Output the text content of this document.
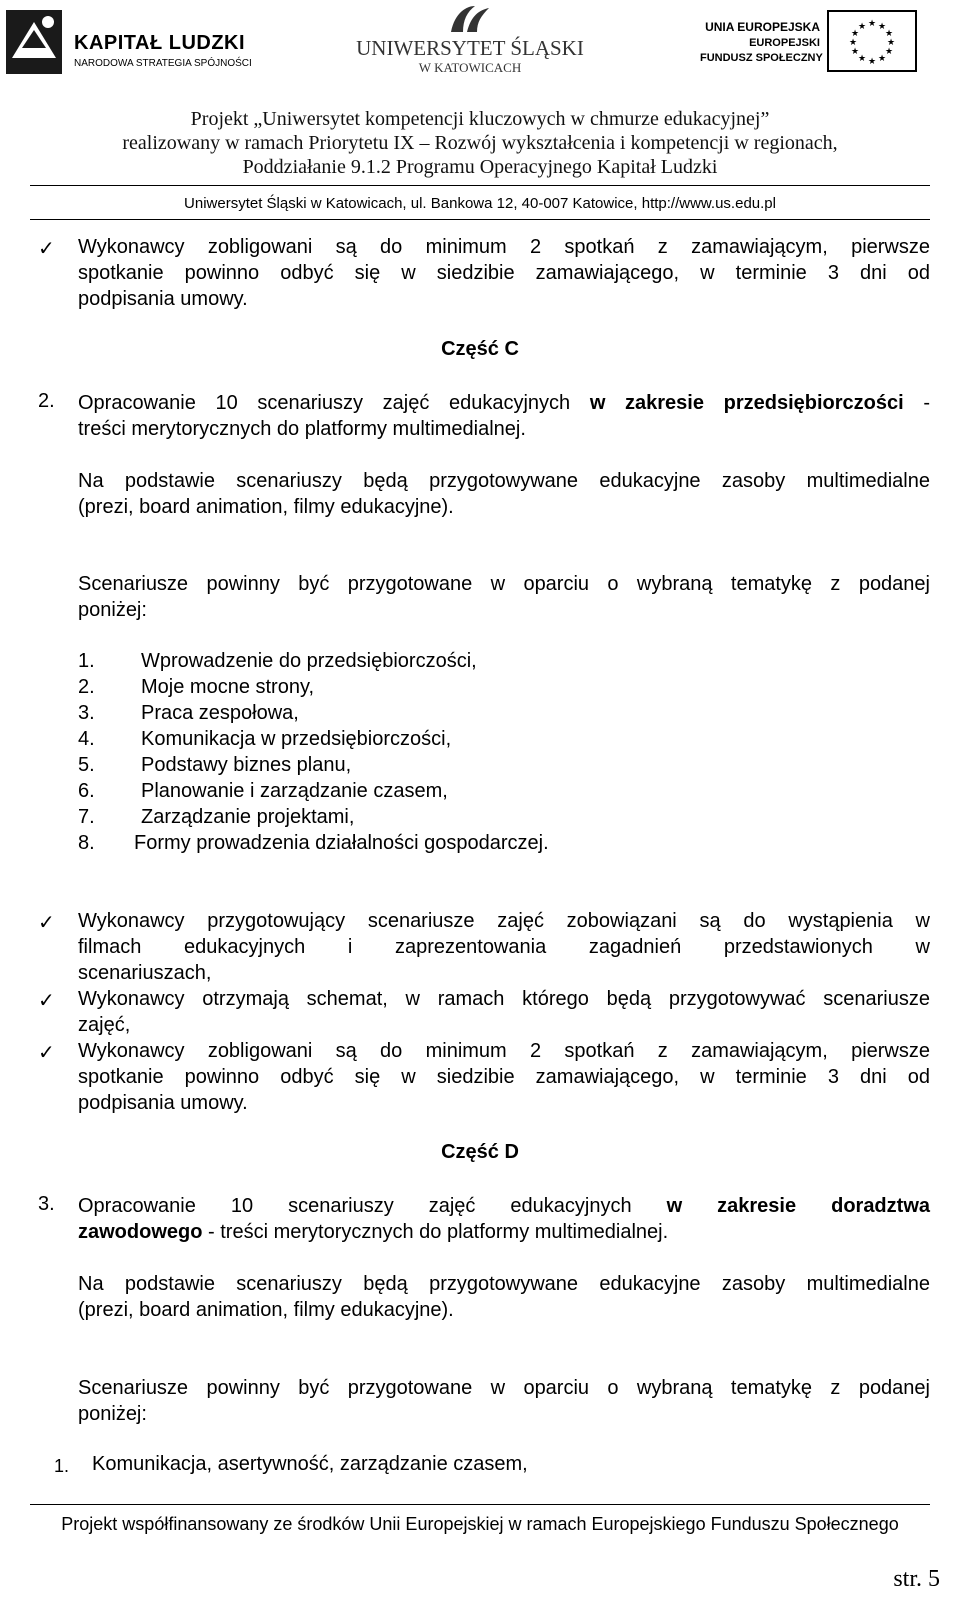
KAPITAŁ LUDZKI
NARODOWA STRATEGIA SPÓJNOŚCI
UNIWERSYTET ŚLĄSKI
W KATOWICACH
UNIA EUROPEJSKA
EUROPEJSKI
FUNDUSZ SPOŁECZNY
★ ★
★
★
★
★
★
★
★
★
★
★
Projekt „Uniwersytet kompetencji kluczowych w chmurze edukacyjnej”
realizowany w ramach Priorytetu IX – Rozwój wykształcenia i kompetencji w regionach,
Poddziałanie 9.1.2 Programu Operacyjnego Kapitał Ludzki
Uniwersytet Śląski w Katowicach, ul. Bankowa 12, 40-007 Katowice, http://www.us.edu.pl
✓ Wykonawcy zobligowani są do minimum 2 spotkań z zamawiającym, pierwsze
spotkanie powinno odbyć się w siedzibie zamawiającego, w terminie 3 dni od
podpisania umowy.
Część C
2. Opracowanie 10 scenariuszy zajęć edukacyjnych w zakresie przedsiębiorczości -
treści merytorycznych do platformy multimedialnej.
Na podstawie scenariuszy będą przygotowywane edukacyjne zasoby multimedialne
(prezi, board animation, filmy edukacyjne).
Scenariusze powinny być przygotowane w oparciu o wybraną tematykę z podanej
poniżej:
1. Wprowadzenie do przedsiębiorczości,
2. Moje mocne strony,
3. Praca zespołowa,
4. Komunikacja w przedsiębiorczości,
5. Podstawy biznes planu,
6. Planowanie i zarządzanie czasem,
7. Zarządzanie projektami,
8. Formy prowadzenia działalności gospodarczej.
✓ Wykonawcy przygotowujący scenariusze zajęć zobowiązani są do wystąpienia w
filmach edukacyjnych i zaprezentowania zagadnień przedstawionych w
scenariuszach,
✓ Wykonawcy otrzymają schemat, w ramach którego będą przygotowywać scenariusze
zajęć,
✓ Wykonawcy zobligowani są do minimum 2 spotkań z zamawiającym, pierwsze
spotkanie powinno odbyć się w siedzibie zamawiającego, w terminie 3 dni od
podpisania umowy.
Część D
3. Opracowanie 10 scenariuszy zajęć edukacyjnych w zakresie doradztwa
zawodowego - treści merytorycznych do platformy multimedialnej.
Na podstawie scenariuszy będą przygotowywane edukacyjne zasoby multimedialne
(prezi, board animation, filmy edukacyjne).
Scenariusze powinny być przygotowane w oparciu o wybraną tematykę z podanej
poniżej:
1. Komunikacja, asertywność, zarządzanie czasem,
Projekt współfinansowany ze środków Unii Europejskiej w ramach Europejskiego Funduszu Społecznego
str. 5
